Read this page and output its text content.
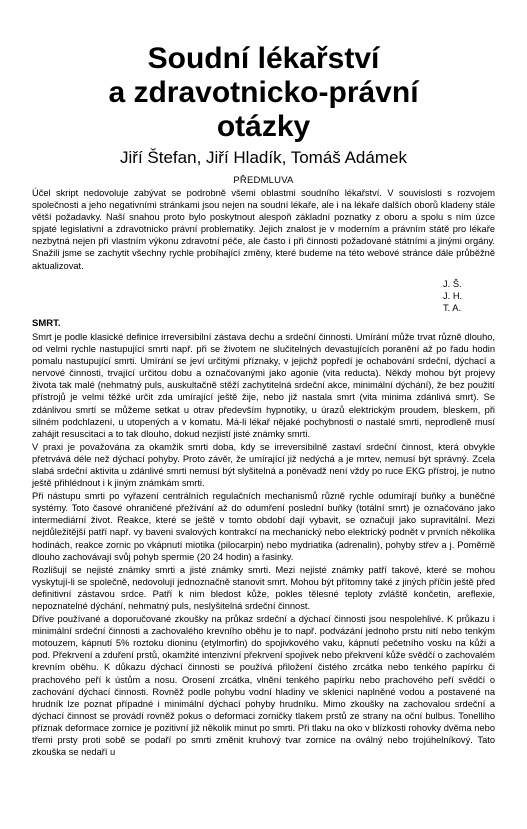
Soudní lékařství
a zdravotnicko-právní
otázky
Jiří Štefan, Jiří Hladík, Tomáš Adámek
PŘEDMLUVA

Účel skript nedovoluje zabývat se podrobně všemi oblastmi soudního lékařství. V souvislosti s rozvojem společnosti a jeho negativními stránkami jsou nejen na soudní lékaře, ale i na lékaře dalších oborů kladeny stále větší požadavky. Naší snahou proto bylo poskytnout alespoň základní poznatky z oboru a spolu s ním úzce spjaté legislativní a zdravotnicko právní problematiky. Jejich znalost je v moderním a právním státě pro lékaře nezbytná nejen při vlastním výkonu zdravotní péče, ale často i při činnosti požadované státními a jinými orgány. Snažili jsme se zachytit všechny rychle probíhající změny, které budeme na této webové stránce dále průběžně aktualizovat.

J. Š.
J. H.
T. A.
SMRT.

Smrt je podle klasické definice irreversibilní zástava dechu a srdeční činnosti. Umírání může trvat různě dlouho, od velmi rychle nastupující smrti např. při se životem ne slučitelných devastujících poranění až po řadu hodin pomalu nastupující smrti. Umírání se jeví určitými příznaky, v jejichž popředí je ochabování srdeční, dýchací a nervové činnosti, trvající určitou dobu a označovanými jako agonie (vita reducta). Někdy mohou být projevy života tak malé (nehmatný puls, auskultačně stěží zachytitelná srdeční akce, minimální dýchání), že bez použití přístrojů je velmi těžké určit zda umírající ještě žije, nebo již nastala smrt (vita minima zdánlivá smrt). Se zdánlivou smrtí se můžeme setkat u otrav především hypnotiky, u úrazů elektrickým proudem, bleskem, při silném podchlazení, u utopených a v komatu. Má-li lékař nějaké pochybnosti o nastalé smrti, neprodleně musí zahájit resuscitaci a to tak dlouho, dokud nezjistí jisté známky smrti.

V praxi je považována za okamžik smrti doba, kdy se irreversibilně zastaví srdeční činnost, která obvykle přetrvává déle než dýchací pohyby. Proto závěr, že umírající již nedýchá a je mrtev, nemusí být správný. Zcela slabá srdeční aktivita u zdánlivé smrti nemusí být slyšitelná a poněvadž není vždy po ruce EKG přístroj, je nutno ještě přihlédnout i k jiným známkám smrti.

Při nástupu smrti po vyřazení centrálních regulačních mechanismů různě rychle odumírají buňky a buněčné systémy. Toto časové ohraničené přežívání až do odumření poslední buňky (totální smrt) je označováno jako intermediární život. Reakce, které se ještě v tomto období dají vybavit, se označují jako supravitální. Mezi nejdůležitější patří např. vy baveni svalových kontrakcí na mechanický nebo elektrický podnět v prvních několika hodinách, reakce zornic po vkápnutí miotika (pilocarpin) nebo mydriatika (adrenalin), pohyby střev a j. Poměrně dlouho zachovávají svůj pohyb spermie (20 24 hodin) a řasinky.

Rozlišují se nejisté známky smrti a jisté známky smrti. Mezi nejisté známky patří takové, které se mohou vyskytují-li se společně, nedovolují jednoznačně stanovit smrt. Mohou být přítomny také z jiných příčin ještě před definitivní zástavou srdce. Patří k nim bledost kůže, pokles tělesné teploty zvláště končetin, areflexie, nepoznatelné dýchání, nehmatný puls, neslyšitelná srdeční činnost.

Dříve používané a doporučované zkoušky na průkaz srdeční a dýchací činnosti jsou nespolehlivé. K průkazu i minimální srdeční činnosti a zachovalého krevního oběhu je to např. podvázání jednoho prstu nití nebo tenkým motouzem, kápnutí 5% roztoku dioninu (etylmorfin) do spojivkového vaku, kápnutí pečetního vosku na kůži a pod. Překrvení a zduření prstů, okamžité intenzivní překrvení spojivek nebo překrvení kůže svědčí o zachovalém krevním oběhu. K důkazu dýchací činnosti se používá přiložení čistého zrcátka nebo tenkého papírku či prachového peří k ústům a nosu. Orosení zrcátka, vlnění tenkého papírku nebo prachového peří svědčí o zachování dýchací činnosti. Rovněž podle pohybu vodní hladiny ve sklenici naplněné vodou a postavené na hrudník lze poznat případné i minimální dýchací pohyby hrudníku. Mimo zkoušky na zachovalou srdeční a dýchací činnost se provádí rovněž pokus o deformaci zorničky tlakem prstů ze strany na oční bulbus. Tonelliho příznak deformace zornice je pozitivní již několik minut po smrti. Při tlaku na oko v blízkosti rohovky dvěma nebo třemi prsty proti sobě se podaří po smrti změnit kruhový tvar zornice na oválný nebo trojúhelníkový. Tato zkouška se nedaří u
